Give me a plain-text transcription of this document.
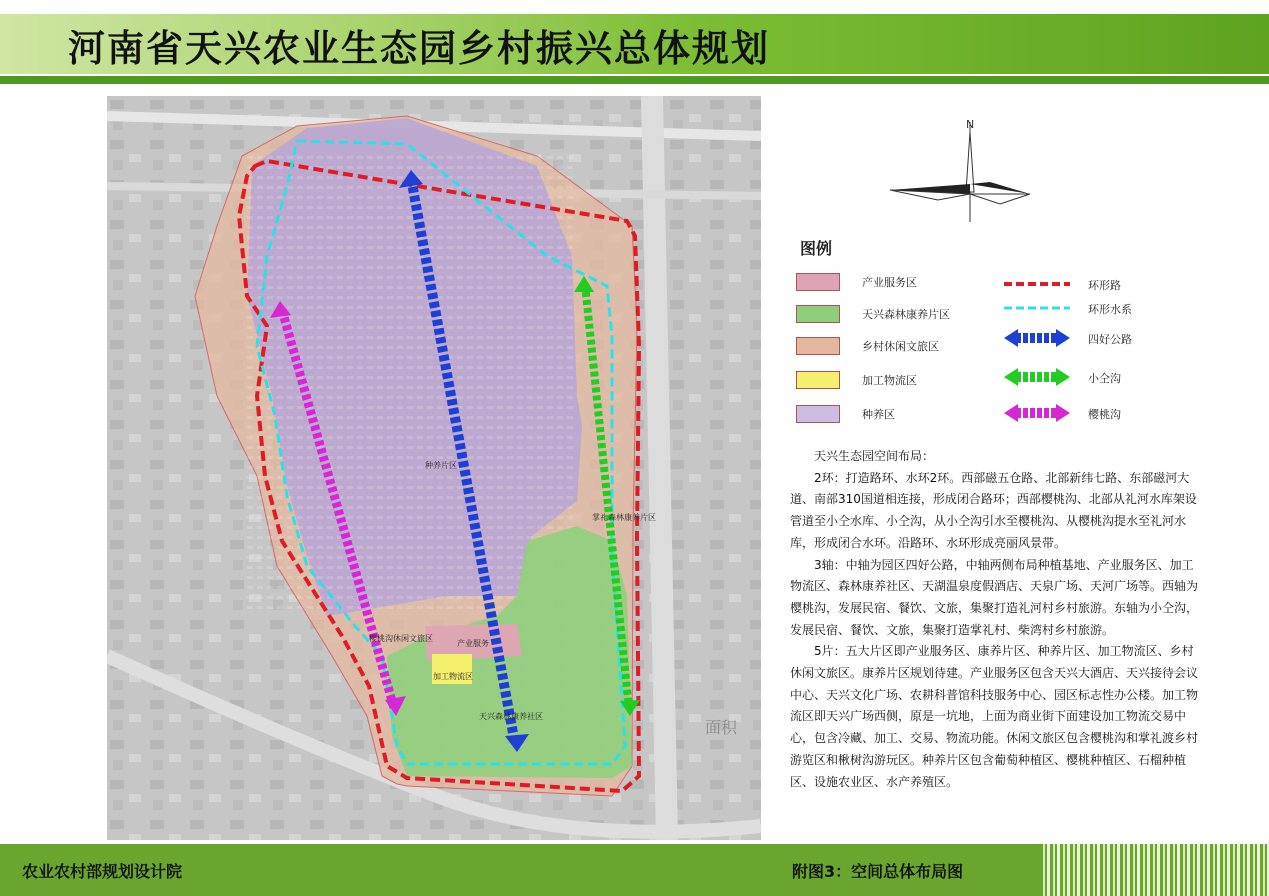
河南省天兴农业生态园乡村振兴总体规划
种养片区
产业服务
加工物流区
天兴森林康养社区
樱桃沟休闲文旅区
掌礼森林康养片区
面积
N
图例
产业服务区
天兴森林康养片区
乡村休闲文旅区
加工物流区
种养区
环形路
环形水系
四好公路
小仝沟
樱桃沟

天兴生态园空间布局：

2环：打造路环、水环2环。西部磁五仓路、北部新纬七路、东部磁河大道、南部310国道相连接，形成闭合路环；西部樱桃沟、北部从礼河水库架设管道至小仝水库、小仝沟，从小仝沟引水至樱桃沟、从樱桃沟提水至礼河水库，形成闭合水环。沿路环、水环形成亮丽风景带。

3轴：中轴为园区四好公路，中轴两侧布局种植基地、产业服务区、加工物流区、森林康养社区、天湖温泉度假酒店、天泉广场、天河广场等。西轴为樱桃沟，发展民宿、餐饮、文旅，集聚打造礼河村乡村旅游。东轴为小仝沟，发展民宿、餐饮、文旅，集聚打造掌礼村、柴湾村乡村旅游。

5片：五大片区即产业服务区、康养片区、种养片区、加工物流区、乡村休闲文旅区。康养片区规划待建。产业服务区包含天兴大酒店、天兴接待会议中心、天兴文化广场、农耕科普馆科技服务中心、园区标志性办公楼。加工物流区即天兴广场西侧，原是一坑地，上面为商业街下面建设加工物流交易中心，包含冷藏、加工、交易、物流功能。休闲文旅区包含樱桃沟和掌礼渡乡村游览区和楸树沟游玩区。种养片区包含葡萄种植区、樱桃种植区、石榴种植区、设施农业区、水产养殖区。

农业农村部规划设计院	附图3：空间总体布局图
